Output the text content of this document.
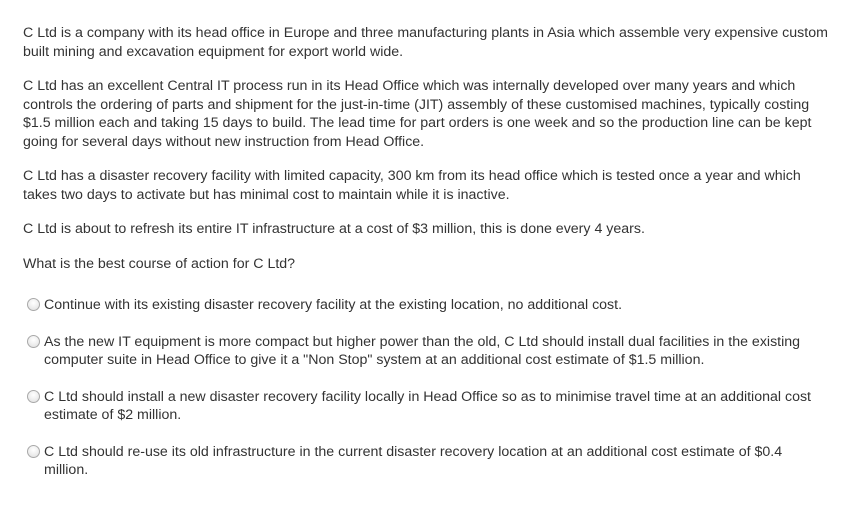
C Ltd is a company with its head office in Europe and three manufacturing plants in Asia which assemble very expensive custom built mining and excavation equipment for export world wide.

C Ltd has an excellent Central IT process run in its Head Office which was internally developed over many years and which controls the ordering of parts and shipment for the just-in-time (JIT) assembly of these customised machines, typically costing $1.5 million each and taking 15 days to build. The lead time for part orders is one week and so the production line can be kept going for several days without new instruction from Head Office.

C Ltd has a disaster recovery facility with limited capacity, 300 km from its head office which is tested once a year and which takes two days to activate but has minimal cost to maintain while it is inactive.

C Ltd is about to refresh its entire IT infrastructure at a cost of $3 million, this is done every 4 years.

What is the best course of action for C Ltd?

Continue with its existing disaster recovery facility at the existing location, no additional cost.
As the new IT equipment is more compact but higher power than the old, C Ltd should install dual facilities in the existing computer suite in Head Office to give it a "Non Stop" system at an additional cost estimate of $1.5 million.
C Ltd should install a new disaster recovery facility locally in Head Office so as to minimise travel time at an additional cost estimate of $2 million.
C Ltd should re-use its old infrastructure in the current disaster recovery location at an additional cost estimate of $0.4 million.
